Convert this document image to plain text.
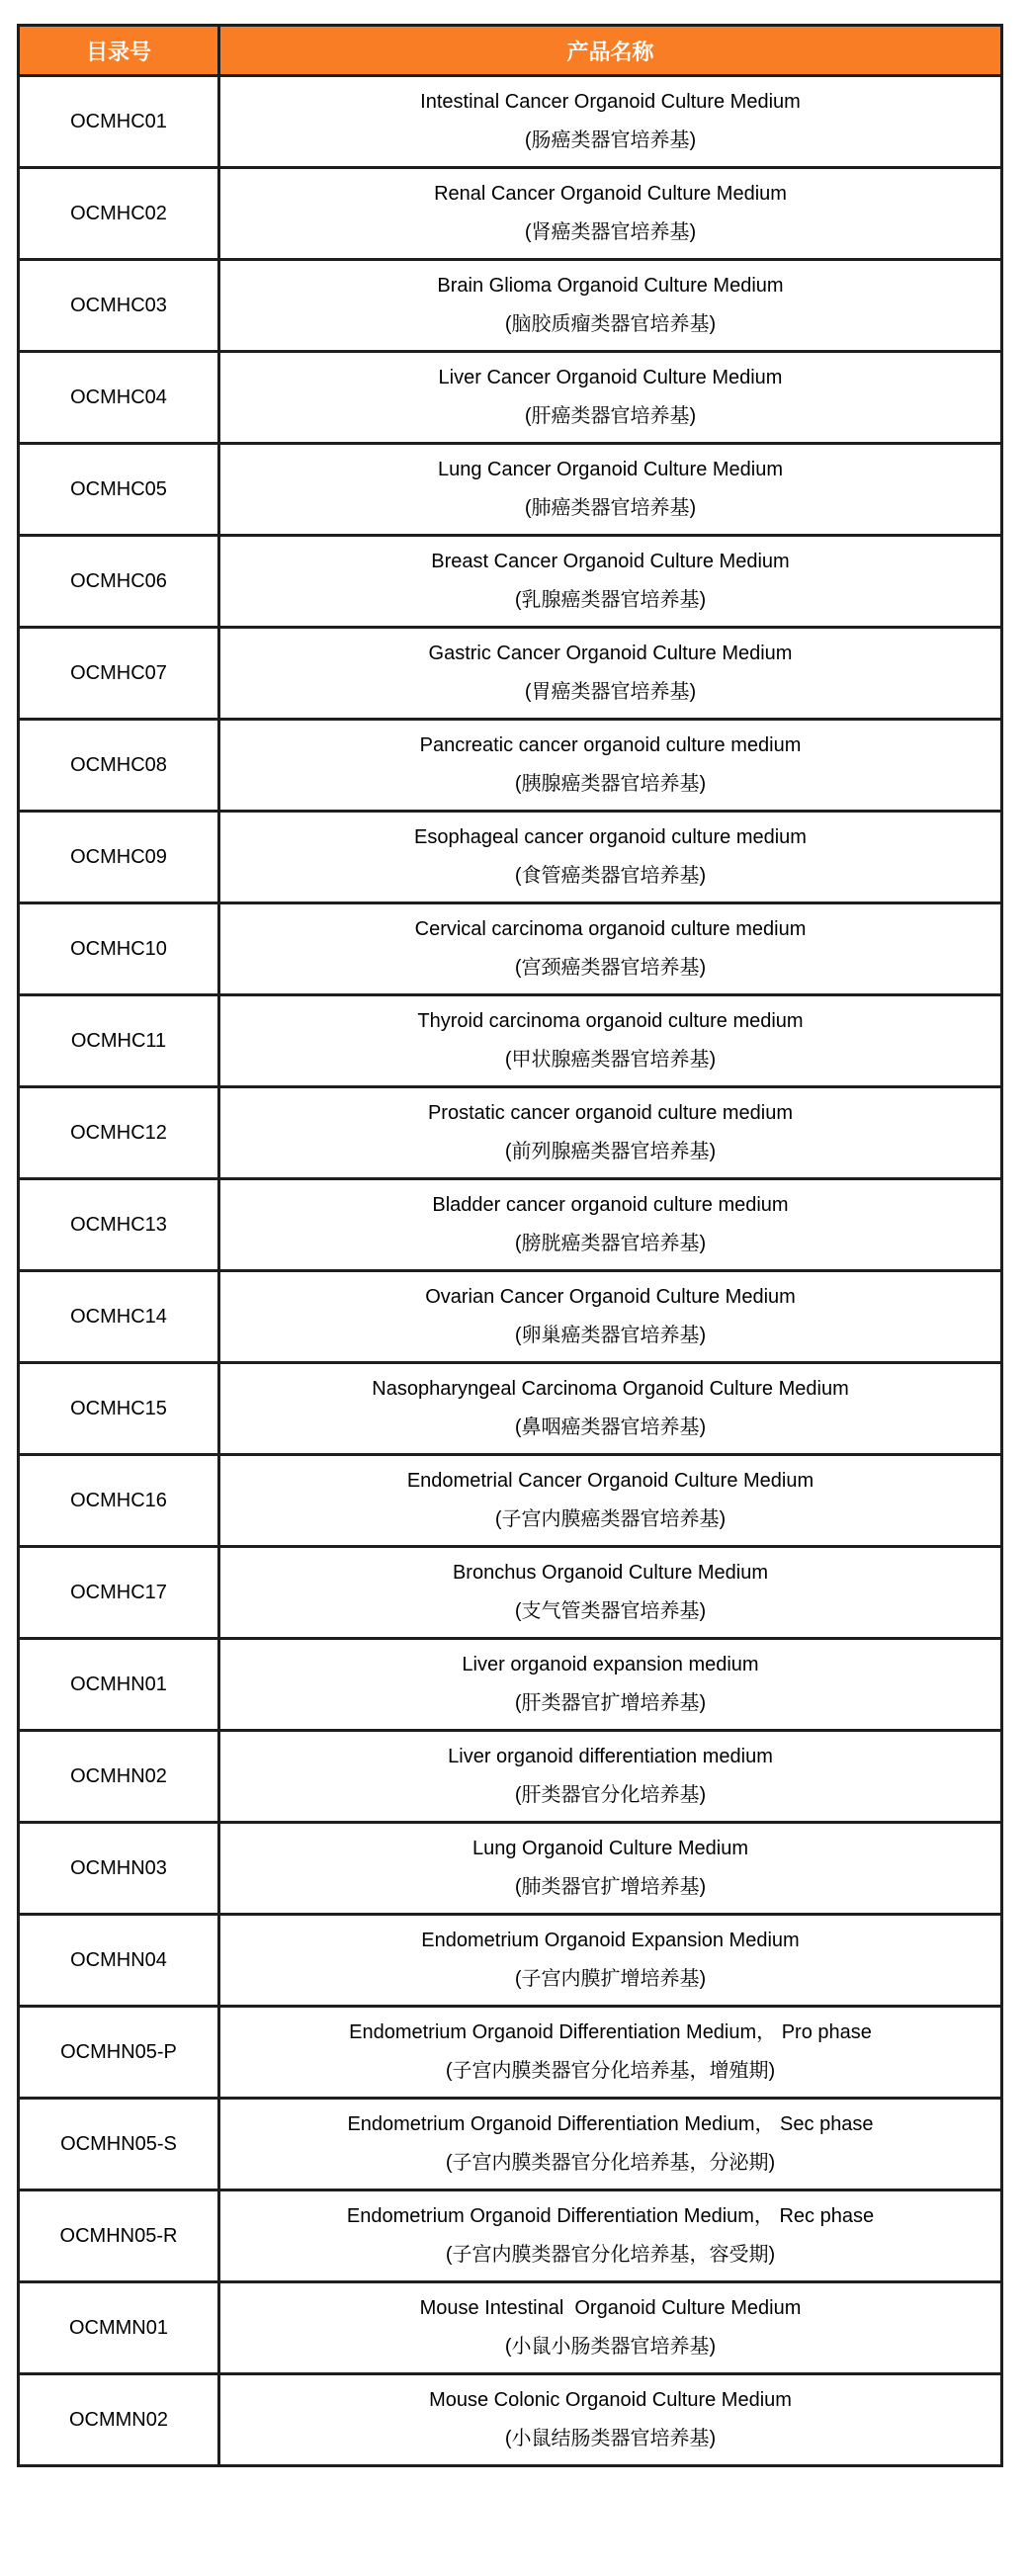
目录号	产品名称
OCMHC01	Intestinal Cancer Organoid Culture Medium
(肠癌类器官培养基)

OCMHC02	Renal Cancer Organoid Culture Medium
(肾癌类器官培养基)

OCMHC03	Brain Glioma Organoid Culture Medium
(脑胶质瘤类器官培养基)

OCMHC04	Liver Cancer Organoid Culture Medium
(肝癌类器官培养基)

OCMHC05	Lung Cancer Organoid Culture Medium
(肺癌类器官培养基)

OCMHC06	Breast Cancer Organoid Culture Medium
(乳腺癌类器官培养基)

OCMHC07	Gastric Cancer Organoid Culture Medium
(胃癌类器官培养基)

OCMHC08	Pancreatic cancer organoid culture medium
(胰腺癌类器官培养基)

OCMHC09	Esophageal cancer organoid culture medium
(食管癌类器官培养基)

OCMHC10	Cervical carcinoma organoid culture medium
(宫颈癌类器官培养基)

OCMHC11	Thyroid carcinoma organoid culture medium
(甲状腺癌类器官培养基)

OCMHC12	Prostatic cancer organoid culture medium
(前列腺癌类器官培养基)

OCMHC13	Bladder cancer organoid culture medium
(膀胱癌类器官培养基)

OCMHC14	Ovarian Cancer Organoid Culture Medium
(卵巢癌类器官培养基)

OCMHC15	Nasopharyngeal Carcinoma Organoid Culture Medium
(鼻咽癌类器官培养基)

OCMHC16	Endometrial Cancer Organoid Culture Medium
(子宫内膜癌类器官培养基)

OCMHC17	Bronchus Organoid Culture Medium
(支气管类器官培养基)

OCMHN01	Liver organoid expansion medium
(肝类器官扩增培养基)

OCMHN02	Liver organoid differentiation medium
(肝类器官分化培养基)

OCMHN03	Lung Organoid Culture Medium
(肺类器官扩增培养基)

OCMHN04	Endometrium Organoid Expansion Medium
(子宫内膜扩增培养基)

OCMHN05-P	Endometrium Organoid Differentiation Medium， Pro phase
(子宫内膜类器官分化培养基，增殖期)

OCMHN05-S	Endometrium Organoid Differentiation Medium， Sec phase
(子宫内膜类器官分化培养基，分泌期)

OCMHN05-R	Endometrium Organoid Differentiation Medium， Rec phase
(子宫内膜类器官分化培养基，容受期)

OCMMN01	Mouse Intestinal  Organoid Culture Medium
(小鼠小肠类器官培养基)

OCMMN02	Mouse Colonic Organoid Culture Medium
(小鼠结肠类器官培养基)
